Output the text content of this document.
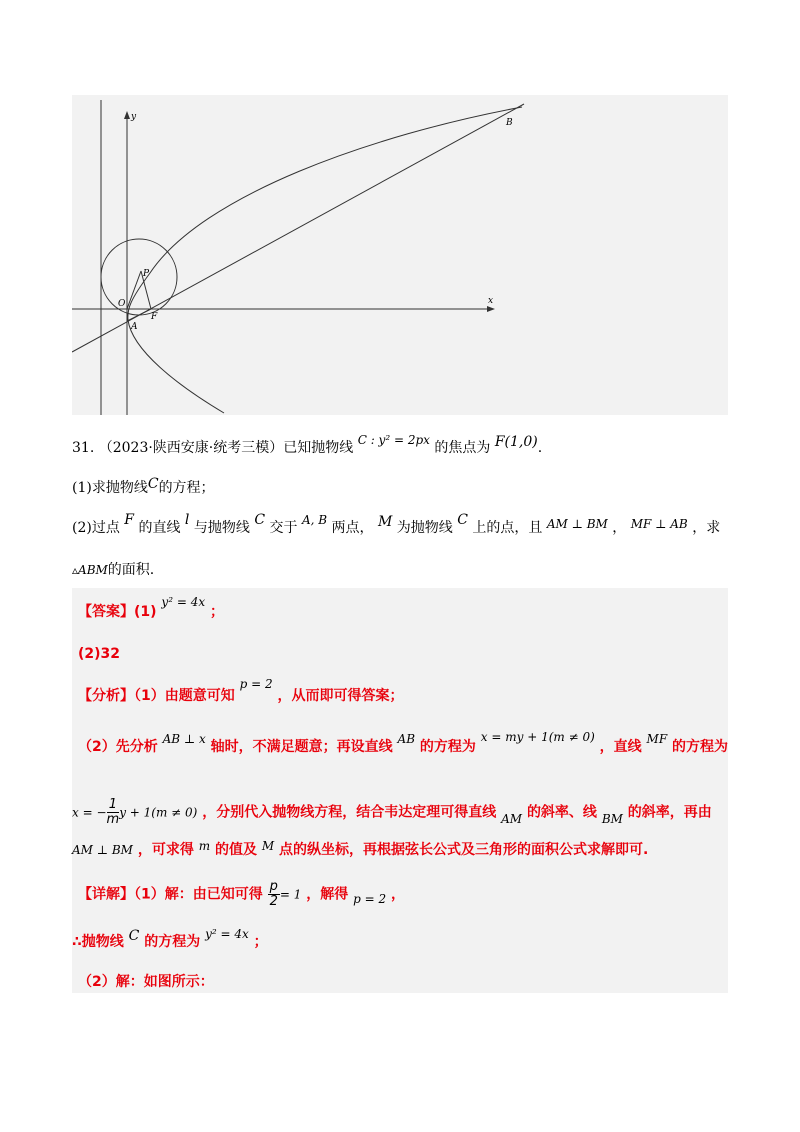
y
x
O
P
F
A
B
31. （2023·陕西安康·统考三模）已知抛物线 C : y² = 2px 的焦点为 F(1,0).
(1)求抛物线C的方程；
(2)过点 F 的直线 l 与抛物线 C 交于 A, B 两点， M 为抛物线 C 上的点，且 AM ⊥ BM ， MF ⊥ AB ，求
▵ABM的面积.
【答案】(1) y² = 4x ；
(2)32
【分析】（1）由题意可知 p = 2 ，从而即可得答案；
（2）先分析 AB ⊥ x 轴时，不满足题意；再设直线 AB 的方程为 x = my + 1(m ≠ 0) ，直线 MF 的方程为
x = − $\frac{1}{m}$ y + 1(m ≠ 0) ，分别代入抛物线方程，结合韦达定理可得直线 AM 的斜率、线 BM 的斜率，再由
AM ⊥ BM ，可求得 m 的值及 M 点的纵坐标，再根据弦长公式及三角形的面积公式求解即可.
【详解】（1）解：由已知可得 $\frac{p}{2} = 1$ ，解得 p = 2 ，
∴抛物线 C 的方程为 y² = 4x ；
（2）解：如图所示：
